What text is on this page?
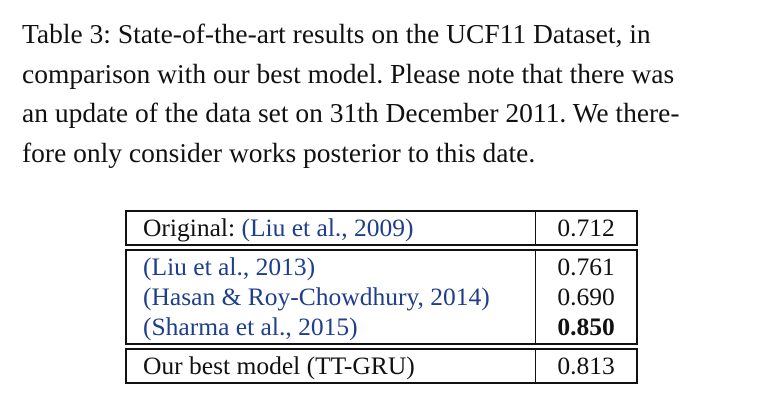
Table 3: State-of-the-art results on the UCF11 Dataset, in
comparison with our best model. Please note that there was
an update of the data set on 31th December 2011. We there-
fore only consider works posterior to this date.
Original: (Liu et al., 2009)	0.712
(Liu et al., 2013)
(Hasan & Roy-Chowdhury, 2014)
(Sharma et al., 2015)
0.761
0.690
0.850
Our best model (TT-GRU)	0.813
